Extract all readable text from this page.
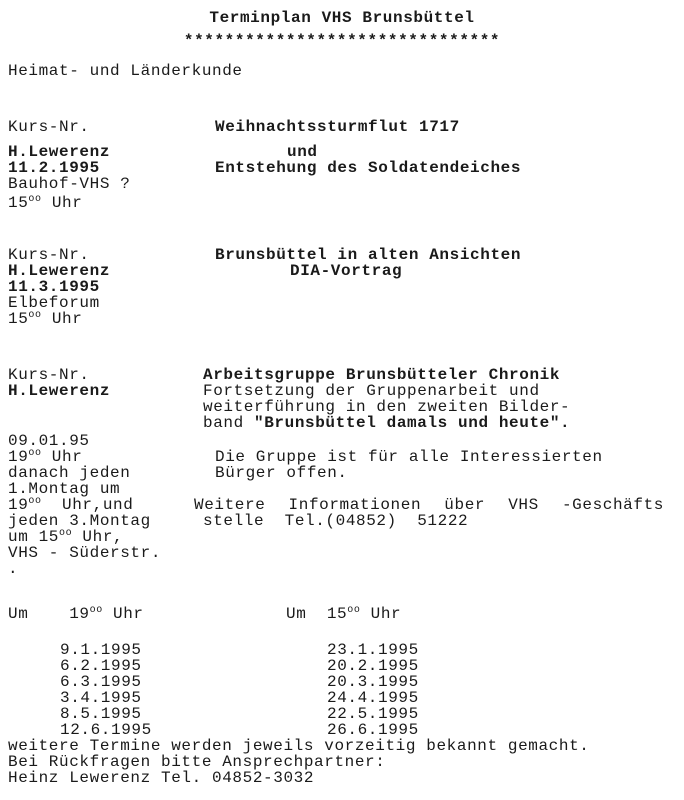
Terminplan VHS Brunsbüttel
*******************************
Heimat- und Länderkunde
Kurs-Nr.
H.Lewerenz
11.2.1995
Bauhof-VHS ?
$15^{oo}$ Uhr
Weihnachtssturmflut 1717
und
Entstehung des Soldatendeiches
Kurs-Nr.
H.Lewerenz
11.3.1995
Elbeforum
$15^{oo}$ Uhr
Brunsbüttel in alten Ansichten
DIA-Vortrag
Kurs-Nr.
H.Lewerenz
Arbeitsgruppe Brunsbütteler Chronik
Fortsetzung der Gruppenarbeit und
weiterführung in den zweiten Bilder-
band "Brunsbüttel damals und heute".
09.01.95
$19^{oo}$ Uhr
danach jeden
1.Montag um
$19^{oo}$  Uhr,und
jeden 3.Montag
um $15^{oo}$ Uhr,
VHS - Süderstr.
.
Die Gruppe ist für alle Interessierten
Bürger offen.
Weitere Informationen über VHS -Geschäfts
stelle  Tel.(04852)  51222
Um	$19^{oo}$ Uhr	Um $15^{oo}$ Uhr
9.1.1995
6.2.1995
6.3.1995
3.4.1995
8.5.1995
12.6.1995
23.1.1995
20.2.1995
20.3.1995
24.4.1995
22.5.1995
26.6.1995
weitere Termine werden jeweils vorzeitig bekannt gemacht.
Bei Rückfragen bitte Ansprechpartner:
Heinz Lewerenz Tel. 04852-3032
